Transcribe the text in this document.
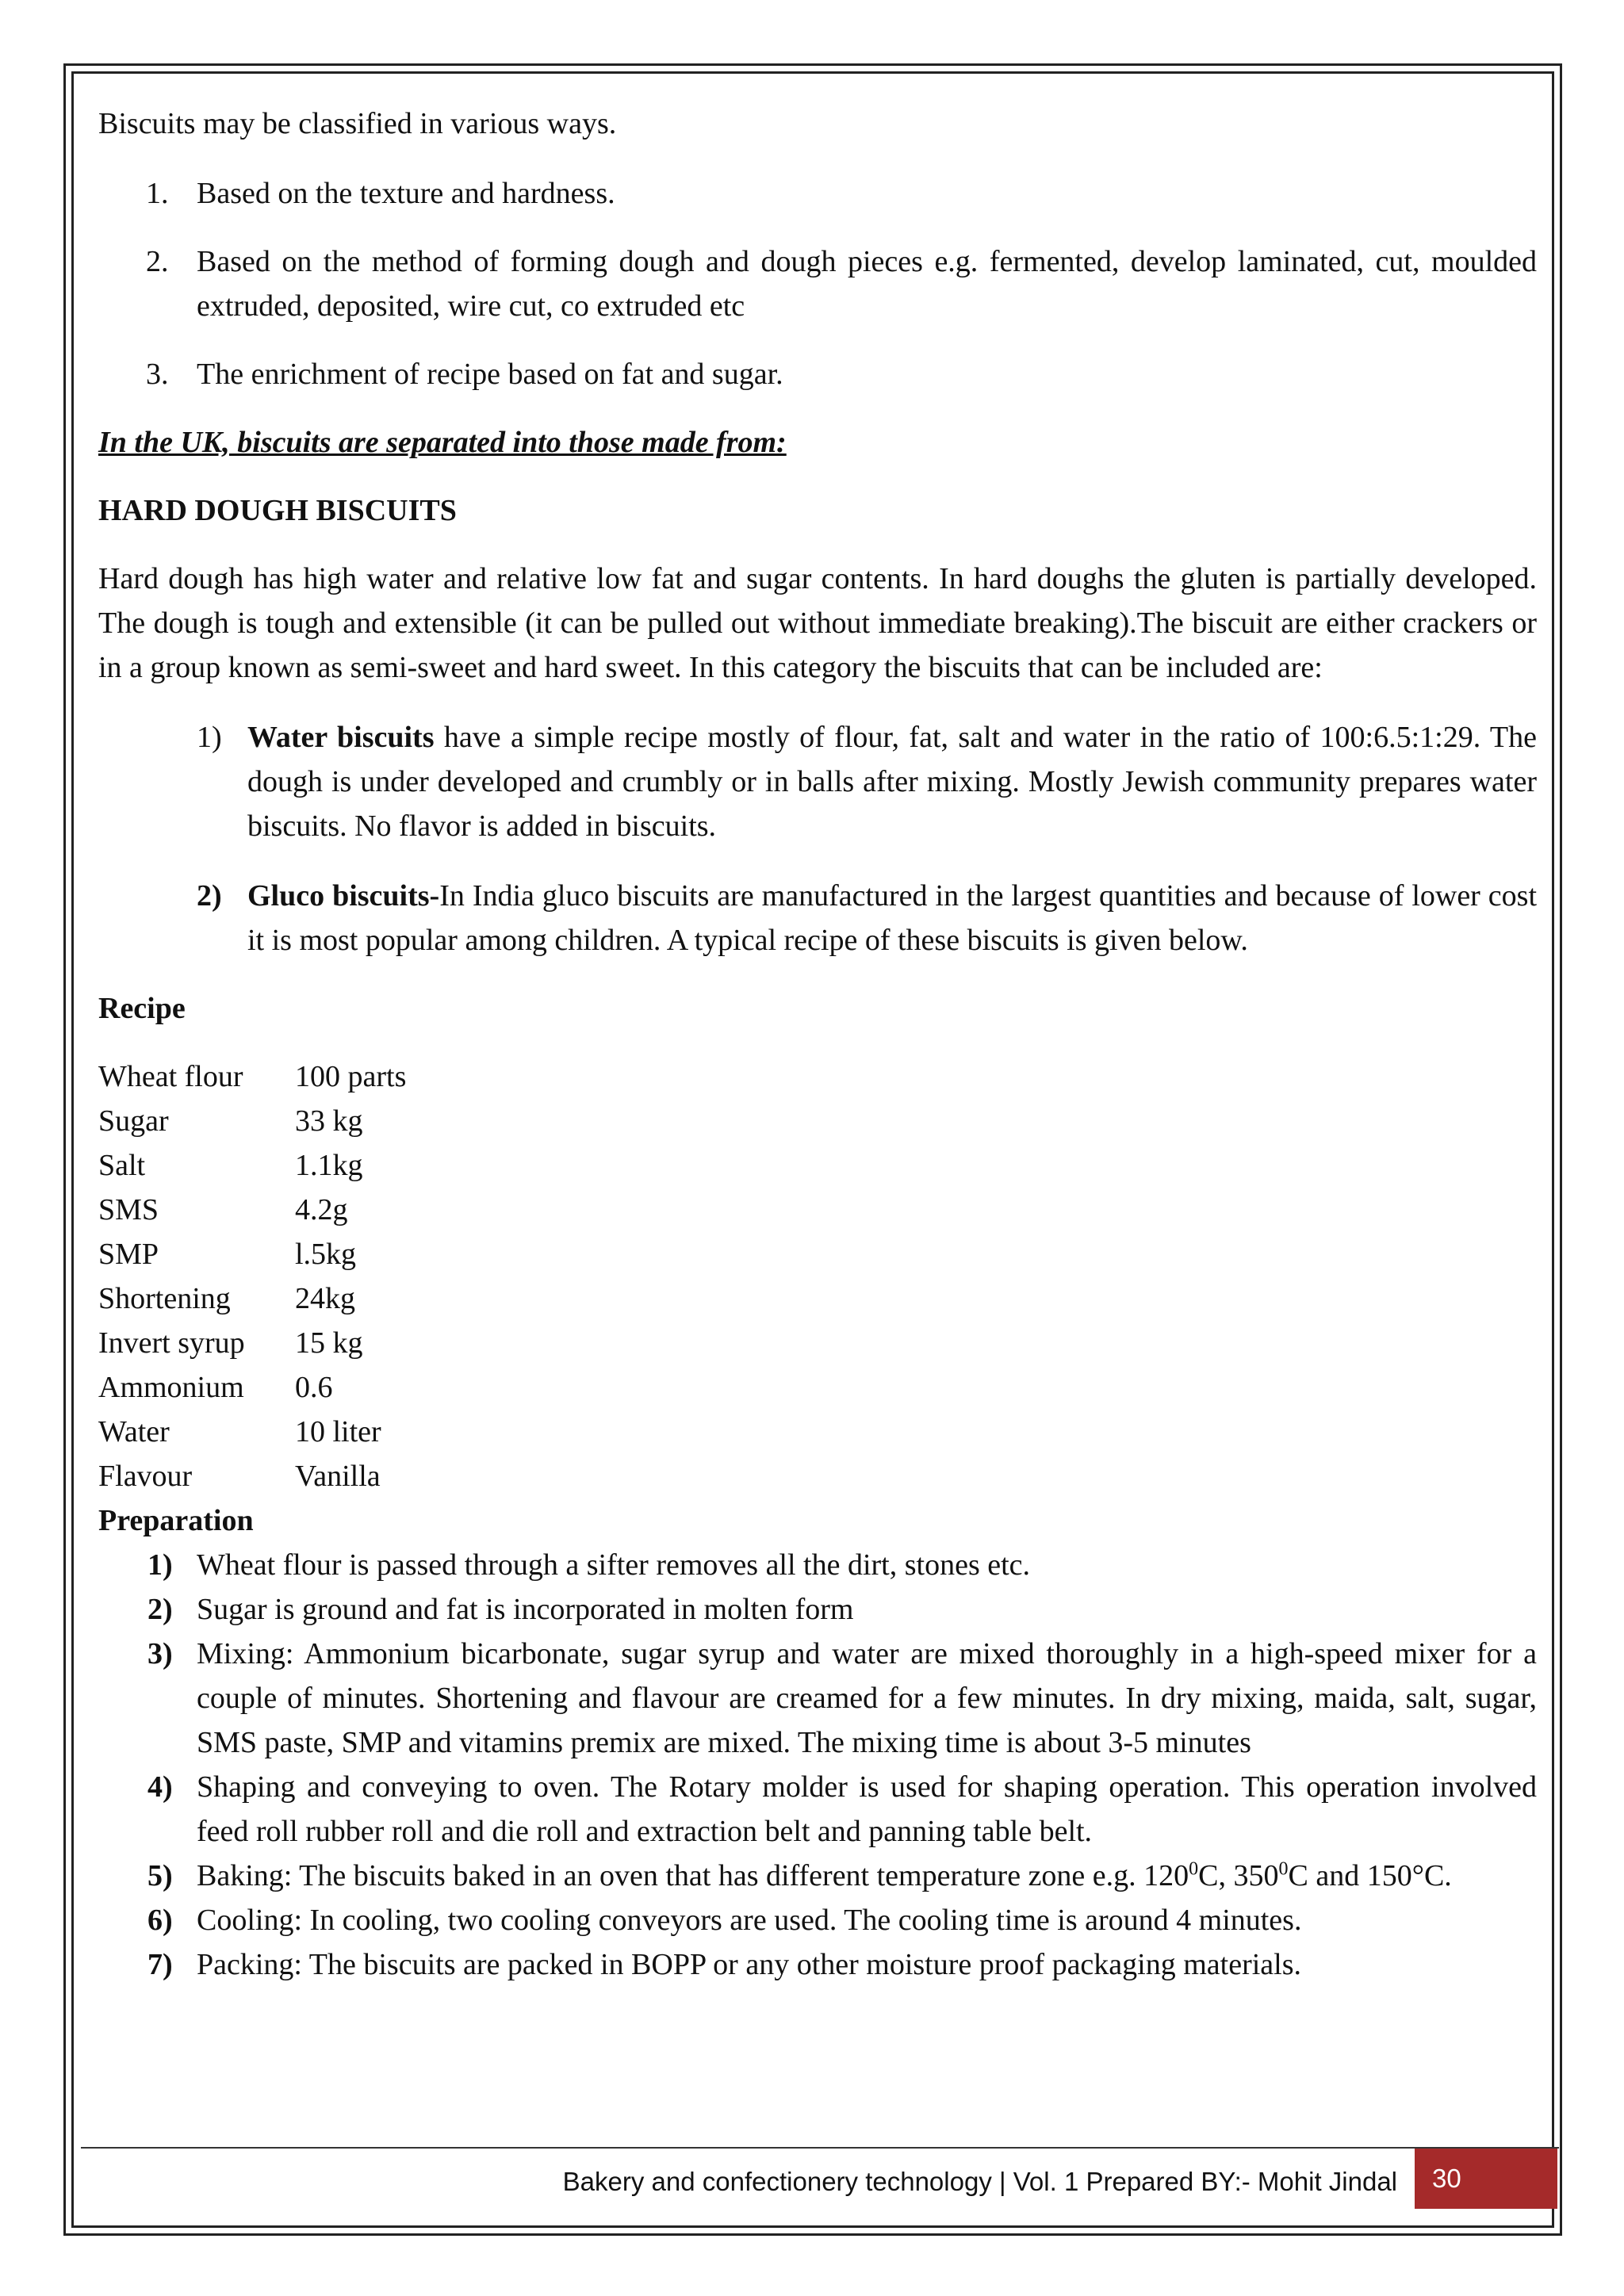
Biscuits may be classified in various ways.

1. Based on the texture and hardness.
2. Based on the method of forming dough and dough pieces e.g. fermented, develop laminated, cut, moulded extruded, deposited, wire cut, co extruded etc
3. The enrichment of recipe based on fat and sugar.

In the UK, biscuits are separated into those made from:

HARD DOUGH BISCUITS

Hard dough has high water and relative low fat and sugar contents. In hard doughs the gluten is partially developed. The dough is tough and extensible (it can be pulled out without immediate breaking).The biscuit are either crackers or in a group known as semi-sweet and hard sweet. In this category the biscuits that can be included are:

1) Water biscuits have a simple recipe mostly of flour, fat, salt and water in the ratio of 100:6.5:1:29. The dough is under developed and crumbly or in balls after mixing. Mostly Jewish community prepares water biscuits. No flavor is added in biscuits.
2) Gluco biscuits-In India gluco biscuits are manufactured in the largest quantities and because of lower cost it is most popular among children. A typical recipe of these biscuits is given below.

Recipe

Wheat flour	100 parts
Sugar	33 kg
Salt	1.1kg
SMS	4.2g
SMP	l.5kg
Shortening	24kg
Invert syrup	15 kg
Ammonium	0.6
Water	10 liter
Flavour	Vanilla

Preparation

1) Wheat flour is passed through a sifter removes all the dirt, stones etc.
2) Sugar is ground and fat is incorporated in molten form
3) Mixing: Ammonium bicarbonate, sugar syrup and water are mixed thoroughly in a high-speed mixer for a couple of minutes. Shortening and flavour are creamed for a few minutes. In dry mixing, maida, salt, sugar, SMS paste, SMP and vitamins premix are mixed. The mixing time is about 3-5 minutes
4) Shaping and conveying to oven. The Rotary molder is used for shaping operation. This operation involved feed roll rubber roll and die roll and extraction belt and panning table belt.
5) Baking: The biscuits baked in an oven that has different temperature zone e.g. $120^0C$, $350^0C$ and 150°C.
6) Cooling: In cooling, two cooling conveyors are used. The cooling time is around 4 minutes.
7) Packing: The biscuits are packed in BOPP or any other moisture proof packaging materials.
Bakery and confectionery technology | Vol. 1 Prepared BY:- Mohit Jindal	30
